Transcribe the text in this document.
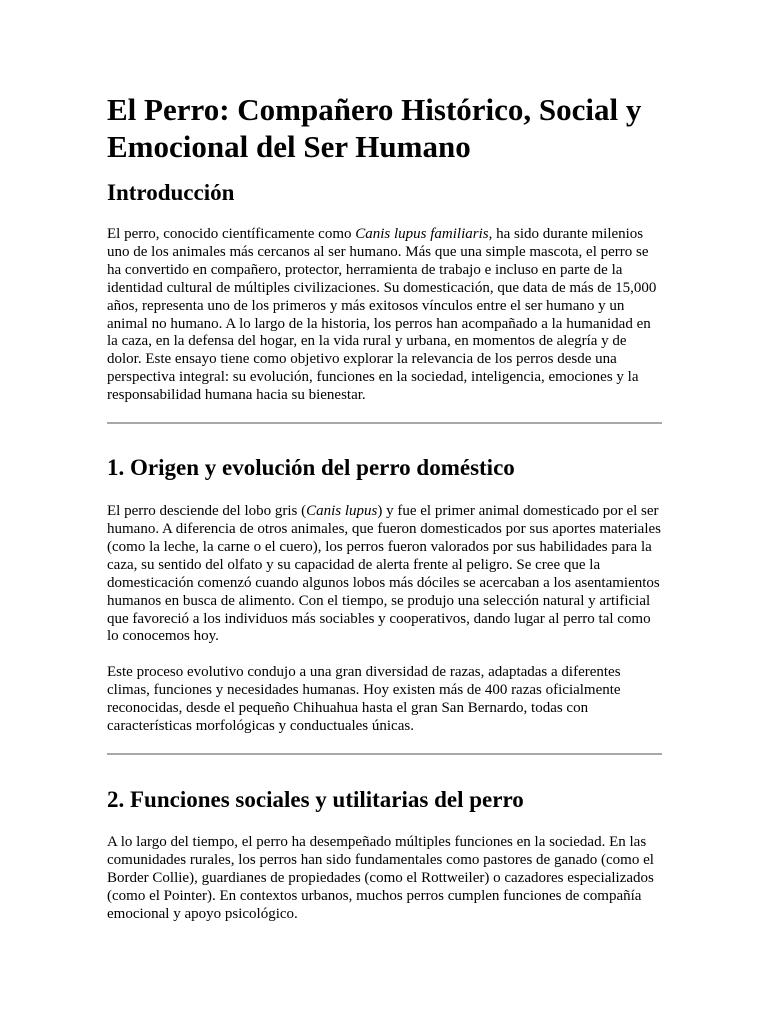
El Perro: Compañero Histórico, Social y Emocional del Ser Humano
Introducción

El perro, conocido científicamente como Canis lupus familiaris, ha sido durante milenios uno de los animales más cercanos al ser humano. Más que una simple mascota, el perro se ha convertido en compañero, protector, herramienta de trabajo e incluso en parte de la identidad cultural de múltiples civilizaciones. Su domesticación, que data de más de 15,000 años, representa uno de los primeros y más exitosos vínculos entre el ser humano y un animal no humano. A lo largo de la historia, los perros han acompañado a la humanidad en la caza, en la defensa del hogar, en la vida rural y urbana, en momentos de alegría y de dolor. Este ensayo tiene como objetivo explorar la relevancia de los perros desde una perspectiva integral: su evolución, funciones en la sociedad, inteligencia, emociones y la responsabilidad humana hacia su bienestar.

1. Origen y evolución del perro doméstico

El perro desciende del lobo gris (Canis lupus) y fue el primer animal domesticado por el ser humano. A diferencia de otros animales, que fueron domesticados por sus aportes materiales (como la leche, la carne o el cuero), los perros fueron valorados por sus habilidades para la caza, su sentido del olfato y su capacidad de alerta frente al peligro. Se cree que la domesticación comenzó cuando algunos lobos más dóciles se acercaban a los asentamientos humanos en busca de alimento. Con el tiempo, se produjo una selección natural y artificial que favoreció a los individuos más sociables y cooperativos, dando lugar al perro tal como lo conocemos hoy.

Este proceso evolutivo condujo a una gran diversidad de razas, adaptadas a diferentes climas, funciones y necesidades humanas. Hoy existen más de 400 razas oficialmente reconocidas, desde el pequeño Chihuahua hasta el gran San Bernardo, todas con características morfológicas y conductuales únicas.

2. Funciones sociales y utilitarias del perro

A lo largo del tiempo, el perro ha desempeñado múltiples funciones en la sociedad. En las comunidades rurales, los perros han sido fundamentales como pastores de ganado (como el Border Collie), guardianes de propiedades (como el Rottweiler) o cazadores especializados (como el Pointer). En contextos urbanos, muchos perros cumplen funciones de compañía emocional y apoyo psicológico.
